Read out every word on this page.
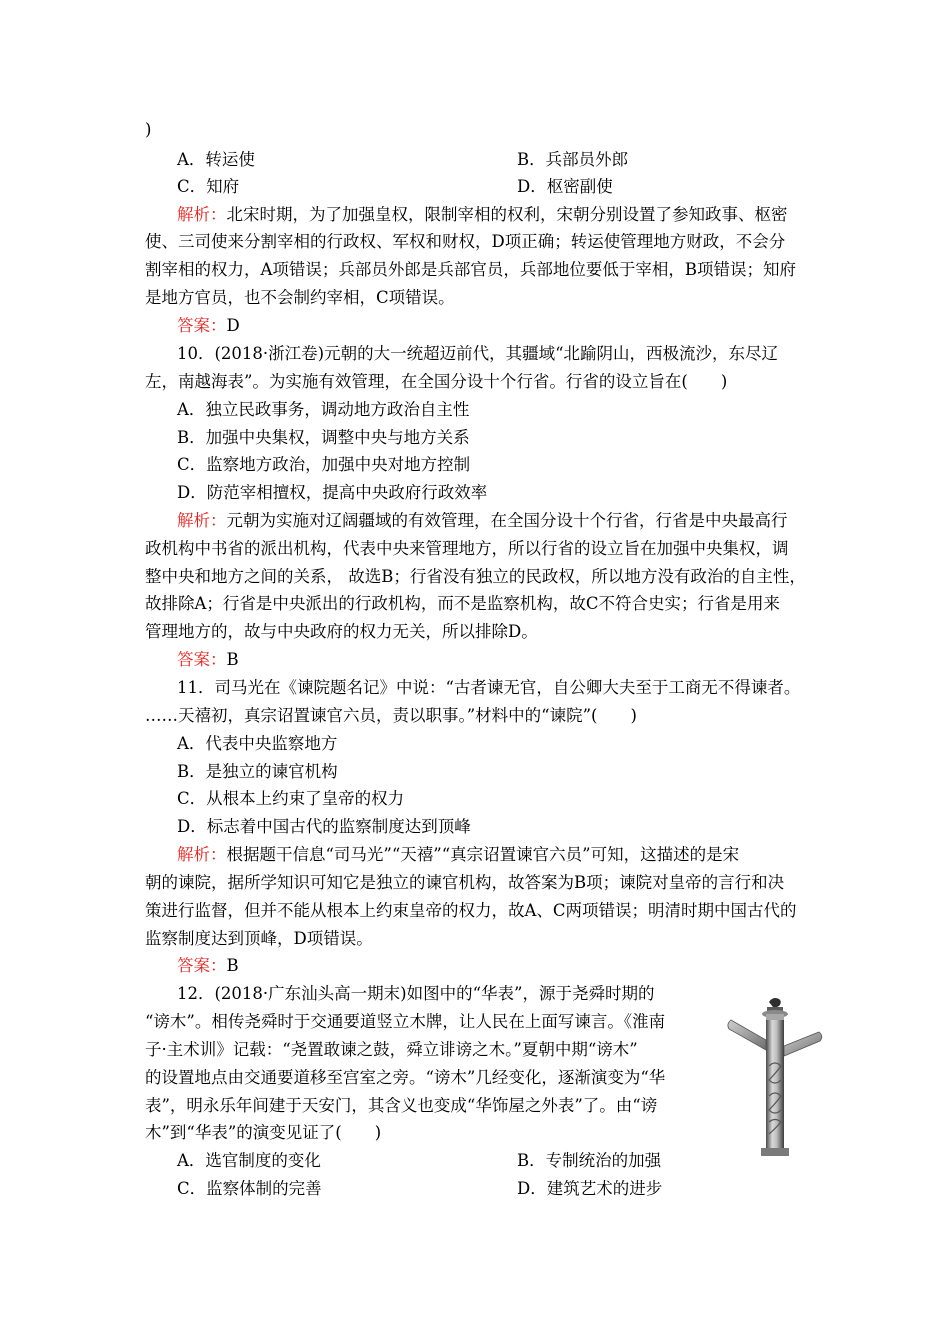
)
A．转运使	B．兵部员外郎
C．知府	D．枢密副使
解析：北宋时期，为了加强皇权，限制宰相的权利，宋朝分别设置了参知政事、枢密
使、三司使来分割宰相的行政权、军权和财权，D项正确；转运使管理地方财政，不会分
割宰相的权力，A项错误；兵部员外郎是兵部官员，兵部地位要低于宰相，B项错误；知府
是地方官员，也不会制约宰相，C项错误。
答案：D
10．(2018·浙江卷)元朝的大一统超迈前代，其疆域“北踰阴山，西极流沙，东尽辽
左，南越海表”。为实施有效管理，在全国分设十个行省。行省的设立旨在(　　)
A．独立民政事务，调动地方政治自主性
B．加强中央集权，调整中央与地方关系
C．监察地方政治，加强中央对地方控制
D．防范宰相擅权，提高中央政府行政效率
解析：元朝为实施对辽阔疆域的有效管理，在全国分设十个行省，行省是中央最高行
政机构中书省的派出机构，代表中央来管理地方，所以行省的设立旨在加强中央集权，调
整中央和地方之间的关系， 故选B；行省没有独立的民政权，所以地方没有政治的自主性，
故排除A；行省是中央派出的行政机构，而不是监察机构，故C不符合史实；行省是用来
管理地方的，故与中央政府的权力无关，所以排除D。
答案：B
11．司马光在《谏院题名记》中说：“古者谏无官，自公卿大夫至于工商无不得谏者。
……天禧初，真宗诏置谏官六员，责以职事。”材料中的“谏院”(　　)
A．代表中央监察地方
B．是独立的谏官机构
C．从根本上约束了皇帝的权力
D．标志着中国古代的监察制度达到顶峰
解析：根据题干信息“司马光”“天禧”“真宗诏置谏官六员”可知，这描述的是宋
朝的谏院，据所学知识可知它是独立的谏官机构，故答案为B项；谏院对皇帝的言行和决
策进行监督，但并不能从根本上约束皇帝的权力，故A、C两项错误；明清时期中国古代的
监察制度达到顶峰，D项错误。
答案：B
12．(2018·广东汕头高一期末)如图中的“华表”，源于尧舜时期的
“谤木”。相传尧舜时于交通要道竖立木牌，让人民在上面写谏言。《淮南
子·主术训》记载：“尧置敢谏之鼓，舜立诽谤之木。”夏朝中期“谤木”
的设置地点由交通要道移至宫室之旁。“谤木”几经变化，逐渐演变为“华
表”，明永乐年间建于天安门，其含义也变成“华饰屋之外表”了。由“谤
木”到“华表”的演变见证了(　　)
A．选官制度的变化	B．专制统治的加强
C．监察体制的完善	D．建筑艺术的进步
